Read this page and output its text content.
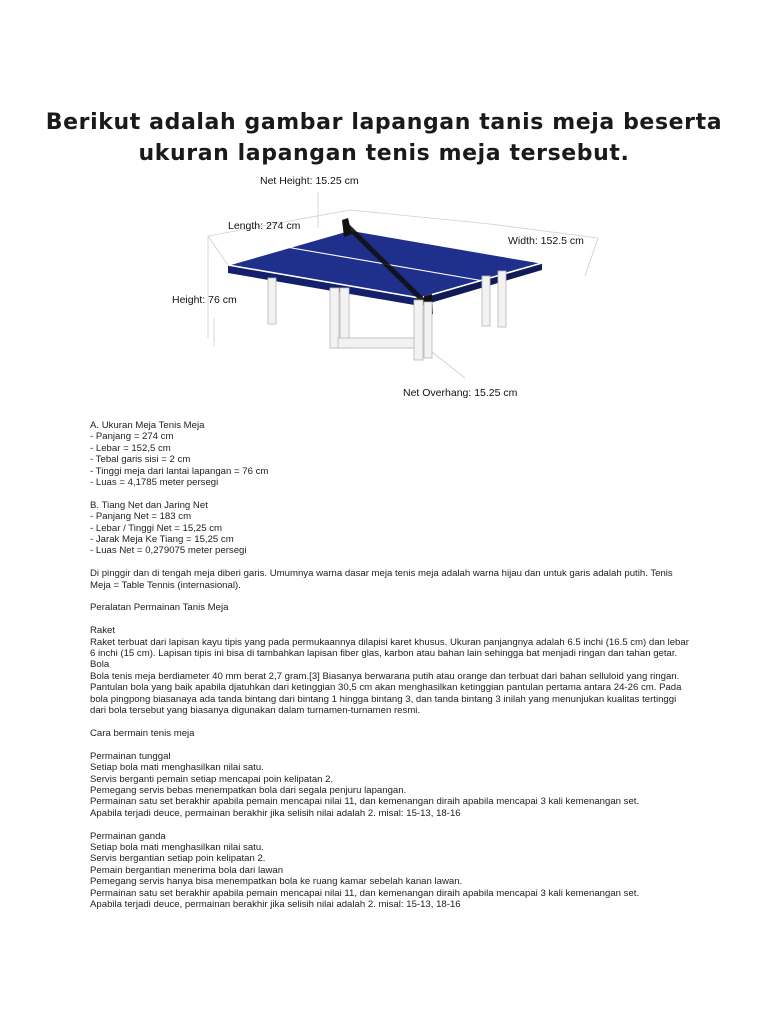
Berikut adalah gambar lapangan tanis meja beserta
ukuran lapangan tenis meja tersebut.
Net Height: 15.25 cm
Length: 274 cm
Width: 152.5 cm
Height: 76 cm
Net Overhang: 15.25 cm
A. Ukuran Meja Tenis Meja
- Panjang = 274 cm
- Lebar = 152,5 cm
- Tebal garis sisi = 2 cm
- Tinggi meja dari lantai lapangan = 76 cm
- Luas = 4,1785 meter persegi
B. Tiang Net dan Jaring Net
- Panjang Net = 183 cm
- Lebar / Tinggi Net = 15,25 cm
- Jarak Meja Ke Tiang = 15,25 cm
- Luas Net = 0,279075 meter persegi
Di pinggir dan di tengah meja diberi garis. Umumnya warna dasar meja tenis meja adalah warna hijau dan untuk garis adalah putih. Tenis Meja = Table Tennis (internasional).
Peralatan Permainan Tanis Meja
Raket
Raket terbuat dari lapisan kayu tipis yang pada permukaannya dilapisi karet khusus. Ukuran panjangnya adalah 6.5 inchi (16.5 cm) dan lebar 6 inchi (15 cm). Lapisan tipis ini bisa di tambahkan lapisan fiber glas, karbon atau bahan lain sehingga bat menjadi ringan dan tahan getar.
Bola
Bola tenis meja berdiameter 40 mm berat 2,7 gram.[3] Biasanya berwarana putih atau orange dan terbuat dari bahan selluloid yang ringan. Pantulan bola yang baik apabila djatuhkan dari ketinggian 30,5 cm akan menghasilkan ketinggian pantulan pertama antara 24-26 cm. Pada bola pingpong biasanaya ada tanda bintang dari bintang 1 hingga bintang 3, dan tanda bintang 3 inilah yang menunjukan kualitas tertinggi dari bola tersebut yang biasanya digunakan dalam turnamen-turnamen resmi.
Cara bermain tenis meja
Permainan tunggal
Setiap bola mati menghasilkan nilai satu.
Servis berganti pemain setiap mencapai poin kelipatan 2.
Pemegang servis bebas menempatkan bola dari segala penjuru lapangan.
Permainan satu set berakhir apabila pemain mencapai nilai 11, dan kemenangan diraih apabila mencapai 3 kali kemenangan set.
Apabila terjadi deuce, permainan berakhir jika selisih nilai adalah 2. misal: 15-13, 18-16
Permainan ganda
Setiap bola mati menghasilkan nilai satu.
Servis bergantian setiap poin kelipatan 2.
Pemain bergantian menerima bola dari lawan
Pemegang servis hanya bisa menempatkan bola ke ruang kamar sebelah kanan lawan.
Permainan satu set berakhir apabila pemain mencapai nilai 11, dan kemenangan diraih apabila mencapai 3 kali kemenangan set.
Apabila terjadi deuce, permainan berakhir jika selisih nilai adalah 2. misal: 15-13, 18-16
